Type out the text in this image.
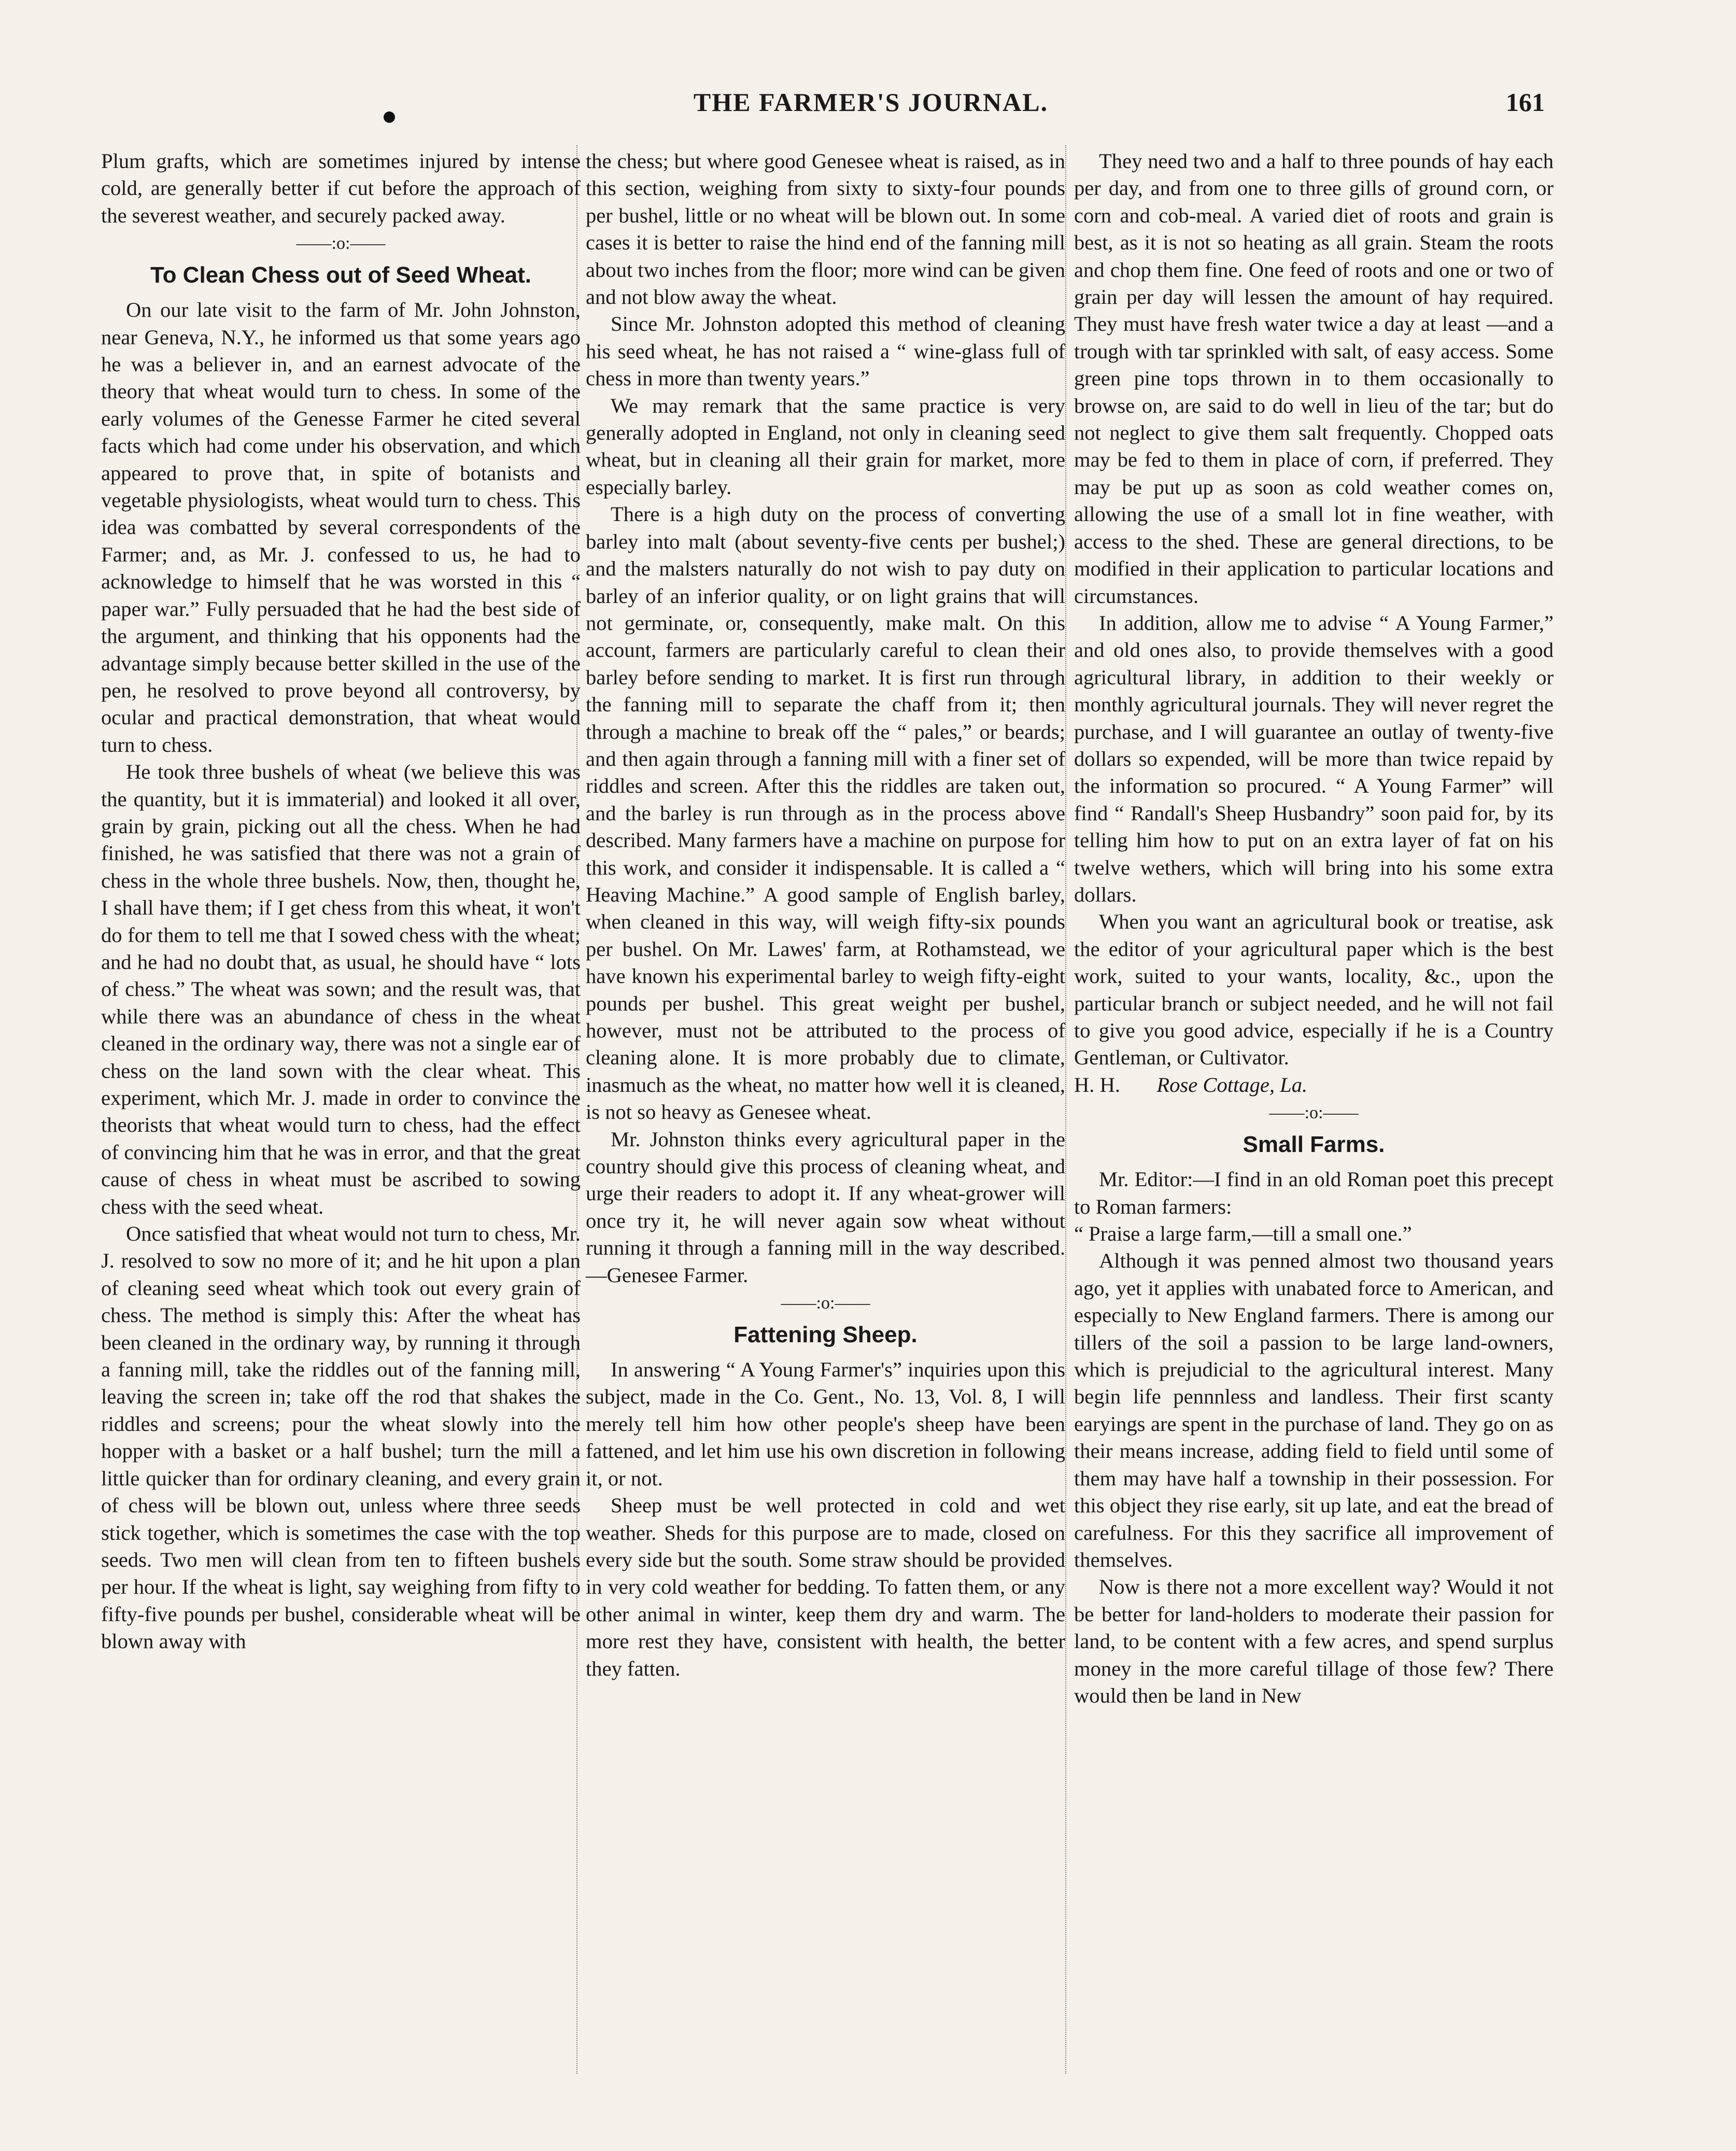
THE FARMER'S JOURNAL.	161

Plum grafts, which are sometimes injured by intense cold, are generally better if cut before the approach of the severest weather, and securely packed away.

——:o:——
To Clean Chess out of Seed Wheat.

On our late visit to the farm of Mr. John Johnston, near Geneva, N.Y., he informed us that some years ago he was a believer in, and an earnest advocate of the theory that wheat would turn to chess. In some of the early volumes of the Genesse Farmer he cited several facts which had come under his observation, and which appeared to prove that, in spite of botanists and vegetable physiologists, wheat would turn to chess. This idea was combatted by several correspondents of the Farmer; and, as Mr. J. confessed to us, he had to acknowledge to himself that he was worsted in this “ paper war.” Fully persuaded that he had the best side of the argument, and thinking that his opponents had the advantage simply because better skilled in the use of the pen, he resolved to prove beyond all controversy, by ocular and practical demonstration, that wheat would turn to chess.

He took three bushels of wheat (we believe this was the quantity, but it is immaterial) and looked it all over, grain by grain, picking out all the chess. When he had finished, he was satisfied that there was not a grain of chess in the whole three bushels. Now, then, thought he, I shall have them; if I get chess from this wheat, it won't do for them to tell me that I sowed chess with the wheat; and he had no doubt that, as usual, he should have “ lots of chess.” The wheat was sown; and the result was, that while there was an abundance of chess in the wheat cleaned in the ordinary way, there was not a single ear of chess on the land sown with the clear wheat. This experiment, which Mr. J. made in order to convince the theorists that wheat would turn to chess, had the effect of convincing him that he was in error, and that the great cause of chess in wheat must be ascribed to sowing chess with the seed wheat.

Once satisfied that wheat would not turn to chess, Mr. J. resolved to sow no more of it; and he hit upon a plan of cleaning seed wheat which took out every grain of chess. The method is simply this: After the wheat has been cleaned in the ordinary way, by running it through a fanning mill, take the riddles out of the fanning mill, leaving the screen in; take off the rod that shakes the riddles and screens; pour the wheat slowly into the hopper with a basket or a half bushel; turn the mill a little quicker than for ordinary cleaning, and every grain of chess will be blown out, unless where three seeds stick together, which is sometimes the case with the top seeds. Two men will clean from ten to fifteen bushels per hour. If the wheat is light, say weighing from fifty to fifty-five pounds per bushel, considerable wheat will be blown away with

the chess; but where good Genesee wheat is raised, as in this section, weighing from sixty to sixty-four pounds per bushel, little or no wheat will be blown out. In some cases it is better to raise the hind end of the fanning mill about two inches from the floor; more wind can be given and not blow away the wheat.

Since Mr. Johnston adopted this method of cleaning his seed wheat, he has not raised a “ wine-glass full of chess in more than twenty years.”

We may remark that the same practice is very generally adopted in England, not only in cleaning seed wheat, but in cleaning all their grain for market, more especially barley.

There is a high duty on the process of converting barley into malt (about seventy-five cents per bushel;) and the malsters naturally do not wish to pay duty on barley of an inferior quality, or on light grains that will not germinate, or, consequently, make malt. On this account, farmers are particularly careful to clean their barley before sending to market. It is first run through the fanning mill to separate the chaff from it; then through a machine to break off the “ pales,” or beards; and then again through a fanning mill with a finer set of riddles and screen. After this the riddles are taken out, and the barley is run through as in the process above described. Many farmers have a machine on purpose for this work, and consider it indispensable. It is called a “ Heaving Machine.” A good sample of English barley, when cleaned in this way, will weigh fifty-six pounds per bushel. On Mr. Lawes' farm, at Rothamstead, we have known his experimental barley to weigh fifty-eight pounds per bushel. This great weight per bushel, however, must not be attributed to the process of cleaning alone. It is more probably due to climate, inasmuch as the wheat, no matter how well it is cleaned, is not so heavy as Genesee wheat.

Mr. Johnston thinks every agricultural paper in the country should give this process of cleaning wheat, and urge their readers to adopt it. If any wheat-grower will once try it, he will never again sow wheat without running it through a fanning mill in the way described.—Genesee Farmer.

——:o:——
Fattening Sheep.

In answering “ A Young Farmer's” inquiries upon this subject, made in the Co. Gent., No. 13, Vol. 8, I will merely tell him how other people's sheep have been fattened, and let him use his own discretion in following it, or not.

Sheep must be well protected in cold and wet weather. Sheds for this purpose are to made, closed on every side but the south. Some straw should be provided in very cold weather for bedding. To fatten them, or any other animal in winter, keep them dry and warm. The more rest they have, consistent with health, the better they fatten.

They need two and a half to three pounds of hay each per day, and from one to three gills of ground corn, or corn and cob-meal. A varied diet of roots and grain is best, as it is not so heating as all grain. Steam the roots and chop them fine. One feed of roots and one or two of grain per day will lessen the amount of hay required. They must have fresh water twice a day at least —and a trough with tar sprinkled with salt, of easy access. Some green pine tops thrown in to them occasionally to browse on, are said to do well in lieu of the tar; but do not neglect to give them salt frequently. Chopped oats may be fed to them in place of corn, if preferred. They may be put up as soon as cold weather comes on, allowing the use of a small lot in fine weather, with access to the shed. These are general directions, to be modified in their application to particular locations and circumstances.

In addition, allow me to advise “ A Young Farmer,” and old ones also, to provide themselves with a good agricultural library, in addition to their weekly or monthly agricultural journals. They will never regret the purchase, and I will guarantee an outlay of twenty-five dollars so expended, will be more than twice repaid by the information so procured. “ A Young Farmer” will find “ Randall's Sheep Husbandry” soon paid for, by its telling him how to put on an extra layer of fat on his twelve wethers, which will bring into his some extra dollars.

When you want an agricultural book or treatise, ask the editor of your agricultural paper which is the best work, suited to your wants, locality, &c., upon the particular branch or subject needed, and he will not fail to give you good advice, especially if he is a Country Gentleman, or Cultivator.

H. H. Rose Cottage, La.

——:o:——
Small Farms.

Mr. Editor:—I find in an old Roman poet this precept to Roman farmers:

“ Praise a large farm,—till a small one.”

Although it was penned almost two thousand years ago, yet it applies with unabated force to American, and especially to New England farmers. There is among our tillers of the soil a passion to be large land-owners, which is prejudicial to the agricultural interest. Many begin life pennnless and landless. Their first scanty earyings are spent in the purchase of land. They go on as their means increase, adding field to field until some of them may have half a township in their possession. For this object they rise early, sit up late, and eat the bread of carefulness. For this they sacrifice all improvement of themselves.

Now is there not a more excellent way? Would it not be better for land-holders to moderate their passion for land, to be content with a few acres, and spend surplus money in the more careful tillage of those few? There would then be land in New
